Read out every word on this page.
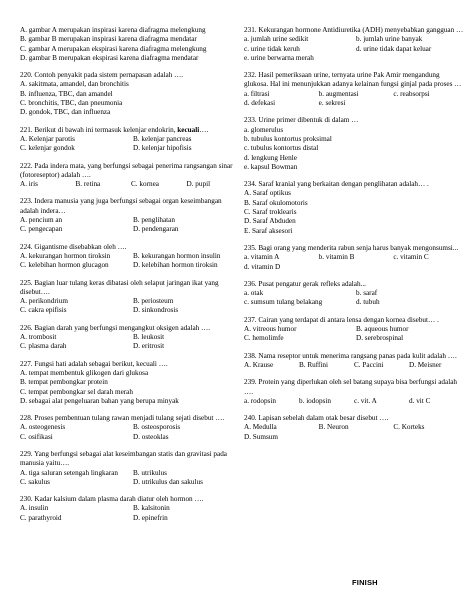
A. gambar A merupakan inspirasi karena diafragma melengkung
B. gambar B merupakan inspirasi karena diafragma mendatar
C. gambar A merupakan ekspirasi karena diafragma melengkung
D. gambar B merupakan ekspirasi karena diafragma mendatar
220. Contoh penyakit pada sistem pernapasan adalah ….
A. sakitmata, amandel, dan bronchitis
B. influenza, TBC, dan amandel
C. bronchitis, TBC, dan pneumonia
D. gondok, TBC, dan influenza
221. Berikut di bawah ini termasuk kelenjar endokrin, kecuali….
A. Kelenjar parotis	B. kelenjar pancreas
C. kelenjar gondok	D. kelenjar hipofisis
222. Pada indera mata, yang berfungsi sebagai penerima rangsangan sinar (fotoreseptor) adalah ….
A. iris	B. retina	C. kornea	D. pupil
223. Indera manusia yang juga berfungsi sebagai organ keseimbangan adalah indera…
A. pencium an	B. penglihatan
C. pengecapan	D. pendengaran
224. Gigantisme disebabkan oleh ….
A. kekurangan hormon tiroksin	B. kekurangan hormon insulin
C. kelebihan hormon glucagon	D. kelebihan hormon tiroksin
225. Bagian luar tulang keras dibatasi oleh selaput jaringan ikat yang disebut….
A. perikondrium	B. periosteum
C. cakra epifisis	D. sinkondrosis
226. Bagian darah yang berfungsi mengangkut oksigen adalah ….
A. trombosit	B. leukosit
C. plasma darah	D. eritrosit
227. Fungsi hati adalah sebagai berikut, kecuali ….
A. tempat membentuk glikogen dari glukosa
B. tempat pembongkar protein
C. tempat pembongkar sel darah merah
D. sebagai alat pengeluaran bahan yang berupa minyak
228. Proses pembentuan tulang rawan menjadi tulang sejati disebut ….
A. osteogenesis	B. osteosporosis
C. osifikasi	D. osteoklas
229. Yang berfungsi sebagai alat keseimbangan statis dan gravitasi pada manusia yaitu….
A. tiga saluran setengah lingkaran	B. utrikulus
C. sakulus	D. utrikulus dan sakulus
230. Kadar kalsium dalam plasma darah diatur oleh hormon ….
A. insulin	B. kalsitonin
C. parathyroid	D. epinefrin
231. Kekurangan hormone Antidiuretika (ADH) menyebabkan gangguan …
a. jumlah urine sedikit	b. jumlah urine banyak
c. urine tidak keruh	d. urine tidak dapat keluar
e. urine berwarna merah
232. Hasil pemeriksaan urine, ternyata urine Pak Amir mengandung glukosa. Hal ini menunjukkan adanya kelainan fungsi ginjal pada proses …
a. filtrasi	b. augmentasi	c. reabsorpsi
d. defekasi	e. sekresi
233. Urine primer dibentuk di dalam …
a. glomerulus
b. tubulus kontortus proksimal
c. tubulus kontortus distal
d. lengkung Henle
e. kapsul Bowman
234. Saraf kranial yang berkaitan dengan penglihatan adalah… .
A. Saraf optikus
B. Saraf okulomotoris
C. Saraf troklearis
D. Saraf Abduden
E. Saraf aksesori
235. Bagi orang yang menderita rabun senja harus banyak mengonsumsi...
a. vitamin A	b. vitamin B	c. vitamin C
d. vitamin D
236. Pusat pengatur gerak refleks adalah...
a. otak	b. saraf
c. sumsum tulang belakang	d. tubuh
237. Cairan yang terdapat di antara lensa dengan kornea disebut… .
A. vitreous humor	B. aqueous humor
C. hemolimfe	D. serebrospinal
238. Nama reseptor untuk menerima rangsang panas pada kulit adalah ….
A. Krause	B. Ruffini	C. Paccini	D. Meisner
239. Protein yang diperlukan oleh sel batang supaya bisa berfungsi adalah ….
a. rodopsin	b. iodopsin	c. vit. A	d. vit C
240. Lapisan sebelah dalam otak besar disebut ….
A. Medulla	B. Neuron	C. Korteks
D. Sumsum
FINISH
